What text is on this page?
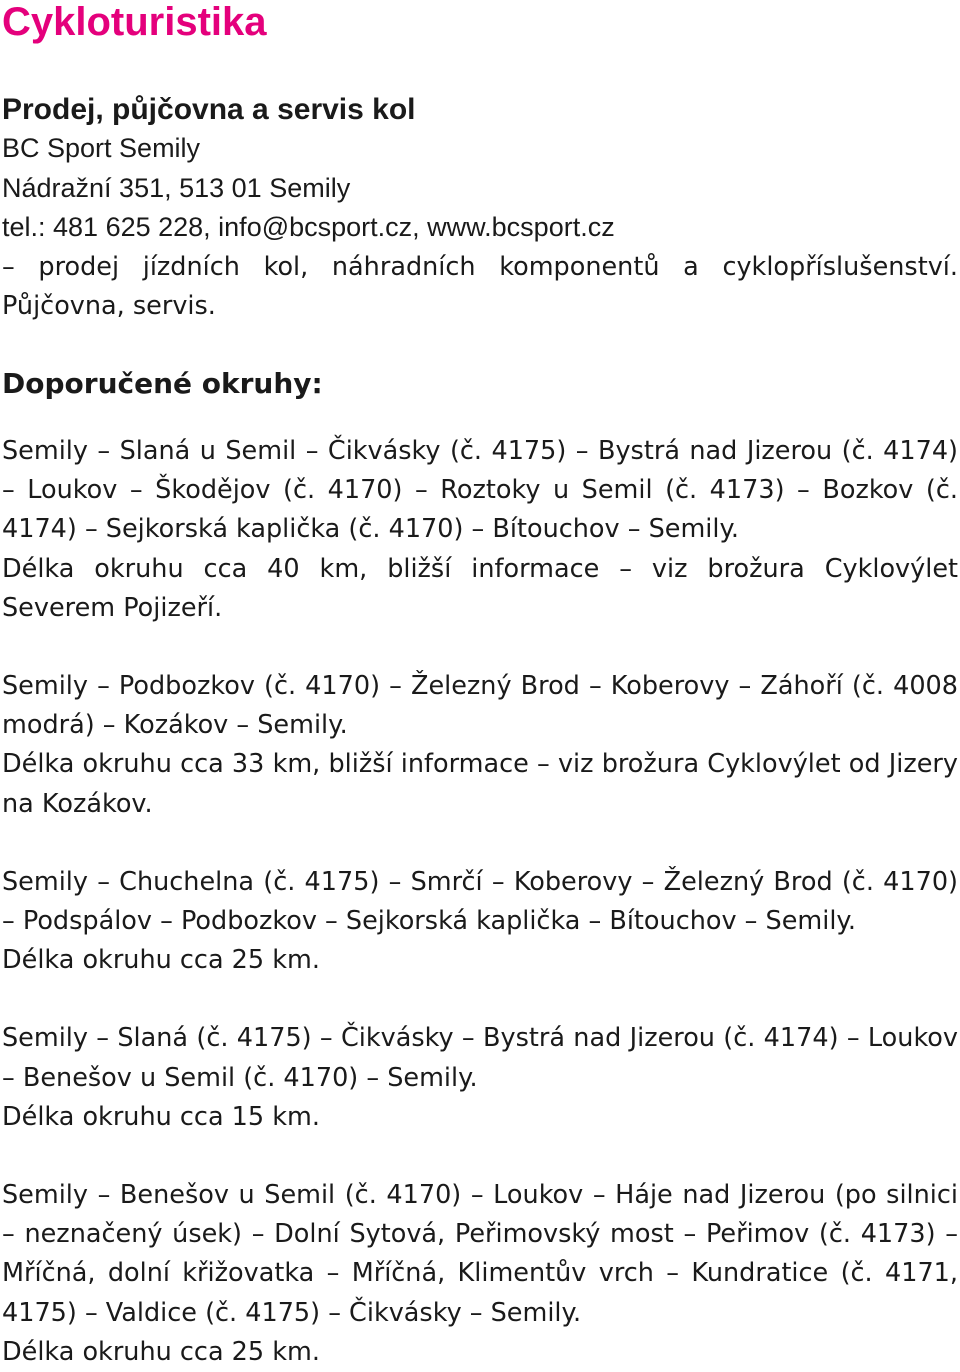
Cykloturistika
Prodej, půjčovna a servis kol
BC Sport Semily
Nádražní 351, 513 01 Semily
tel.: 481 625 228, info@bcsport.cz, www.bcsport.cz

– prodej jízdních kol, náhradních komponentů a cyklopříslušenství. Půjčovna, servis.

Doporučené okruhy:
Semily – Slaná u Semil – Čikvásky (č. 4175) – Bystrá nad Jizerou (č. 4174) – Loukov – Škodějov (č. 4170) – Roztoky u Semil (č. 4173) – Bozkov (č. 4174) – Sejkorská kaplička (č. 4170) – Bítouchov – Semily.
Délka okruhu cca 40 km, bližší informace – viz brožura Cyklovýlet Severem Pojizeří.
Semily – Podbozkov (č. 4170) – Železný Brod – Koberovy – Záhoří (č. 4008 modrá) – Kozákov – Semily.
Délka okruhu cca 33 km, bližší informace – viz brožura Cyklovýlet od Jizery na Kozákov.
Semily – Chuchelna (č. 4175) – Smrčí – Koberovy – Železný Brod (č. 4170) – Podspálov – Podbozkov – Sejkorská kaplička – Bítouchov – Semily.
Délka okruhu cca 25 km.
Semily – Slaná (č. 4175) – Čikvásky – Bystrá nad Jizerou (č. 4174) – Loukov – Benešov u Semil (č. 4170) – Semily.
Délka okruhu cca 15 km.
Semily – Benešov u Semil (č. 4170) – Loukov – Háje nad Jizerou (po silnici – neznačený úsek) – Dolní Sytová, Peřimovský most – Peřimov (č. 4173) – Mříčná, dolní křižovatka – Mříčná, Klimentův vrch – Kundratice (č. 4171, 4175) – Valdice (č. 4175) – Čikvásky – Semily.
Délka okruhu cca 25 km.
